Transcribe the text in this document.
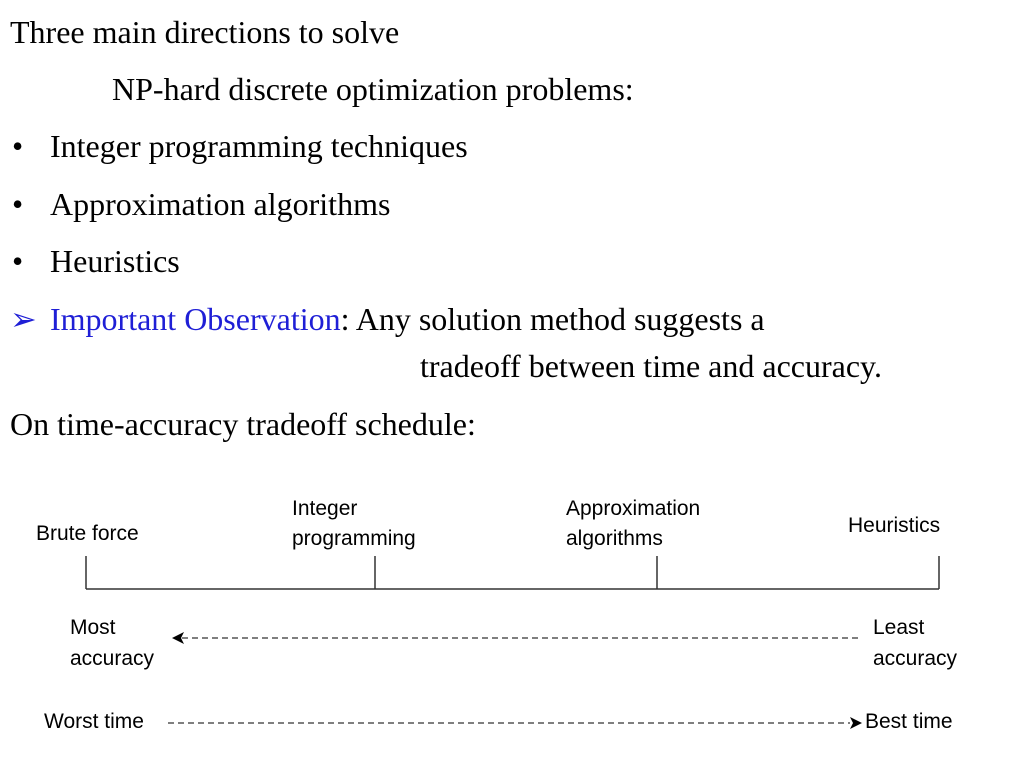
Three main directions to solve
NP-hard discrete optimization problems:
• Integer programming techniques
• Approximation algorithms
• Heuristics
➢ Important Observation: Any solution method suggests a
tradeoff between time and accuracy.
On time-accuracy tradeoff schedule:
Brute force
Integer
programming
Approximation
algorithms
Heuristics
Most
accuracy
Least
accuracy
Worst time	Best time
